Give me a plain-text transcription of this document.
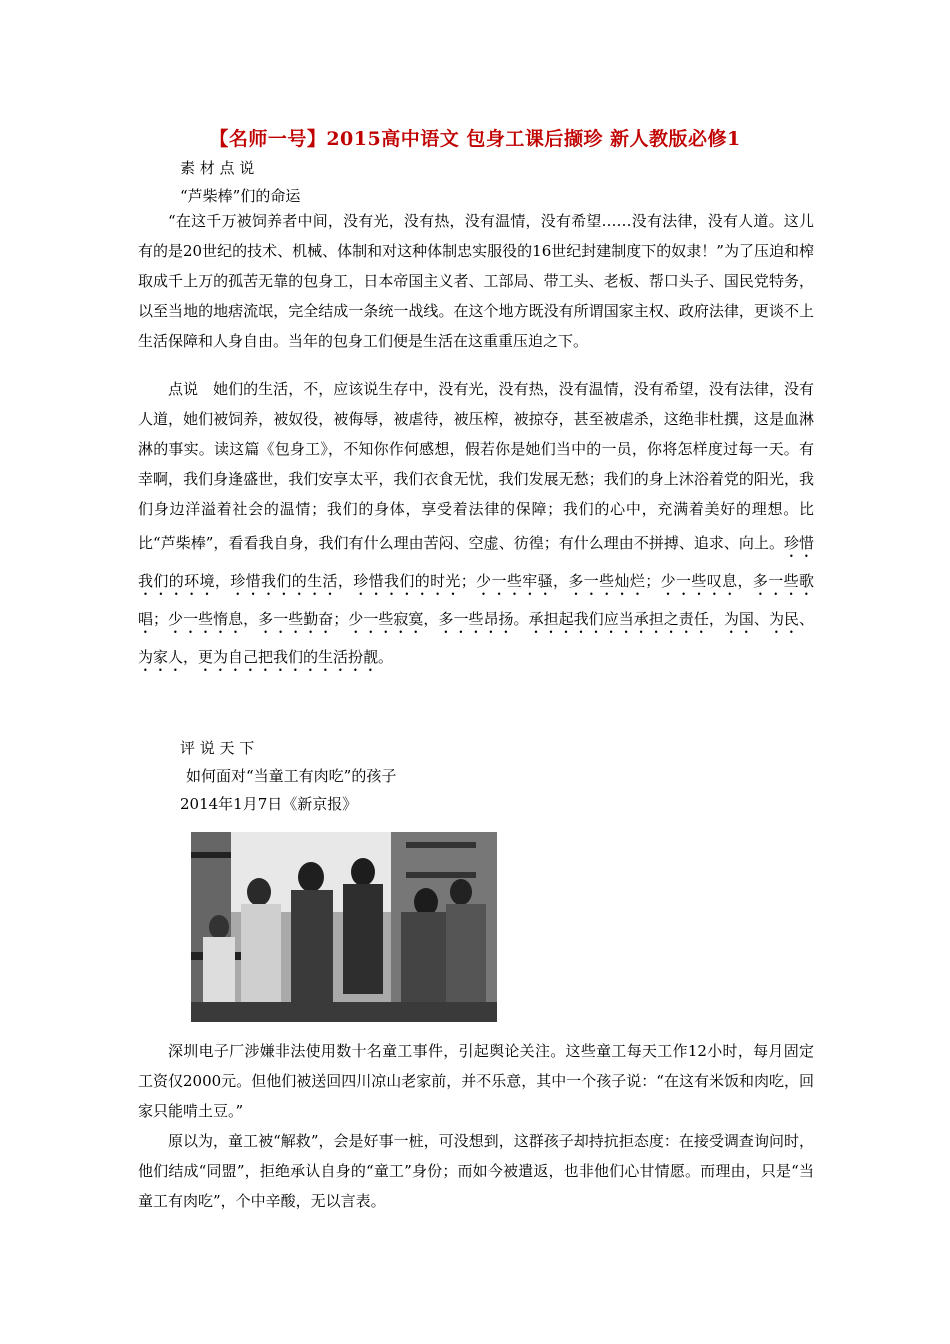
【名师一号】2015高中语文 包身工课后撷珍 新人教版必修1
素 材 点 说
“芦柴棒”们的命运

“在这千万被饲养者中间，没有光，没有热，没有温情，没有希望……没有法律，没有人道。这儿有的是20世纪的技术、机械、体制和对这种体制忠实服役的16世纪封建制度下的奴隶！”为了压迫和榨取成千上万的孤苦无靠的包身工，日本帝国主义者、工部局、带工头、老板、帮口头子、国民党特务，以至当地的地痞流氓，完全结成一条统一战线。在这个地方既没有所谓国家主权、政府法律，更谈不上生活保障和人身自由。当年的包身工们便是生活在这重重压迫之下。

点说　她们的生活，不，应该说生存中，没有光，没有热，没有温情，没有希望，没有法律，没有人道，她们被饲养，被奴役，被侮辱，被虐待，被压榨，被掠夺，甚至被虐杀，这绝非杜撰，这是血淋淋的事实。读这篇《包身工》，不知你作何感想，假若你是她们当中的一员，你将怎样度过每一天。有幸啊，我们身逢盛世，我们安享太平，我们衣食无忧，我们发展无愁；我们的身上沐浴着党的阳光，我们身边洋溢着社会的温情；我们的身体，享受着法律的保障；我们的心中，充满着美好的理想。比比“芦柴棒”，看看我自身，我们有什么理由苦闷、空虚、彷徨；有什么理由不拼搏、追求、向上。珍惜我们的环境，珍惜我们的生活，珍惜我们的时光；少一些牢骚，多一些灿烂；少一些叹息，多一些歌唱；少一些惰息，多一些勤奋；少一些寂寞，多一些昂扬。承担起我们应当承担之责任，为国、为民、为家人，更为自己把我们的生活扮靓。

评 说 天 下
如何面对“当童工有肉吃”的孩子
2014年1月7日《新京报》

深圳电子厂涉嫌非法使用数十名童工事件，引起舆论关注。这些童工每天工作12小时，每月固定工资仅2000元。但他们被送回四川凉山老家前，并不乐意，其中一个孩子说：“在这有米饭和肉吃，回家只能啃土豆。”

原以为，童工被“解救”，会是好事一桩，可没想到，这群孩子却持抗拒态度：在接受调查询问时，他们结成“同盟”，拒绝承认自身的“童工”身份；而如今被遣返，也非他们心甘情愿。而理由，只是“当童工有肉吃”，个中辛酸，无以言表。
